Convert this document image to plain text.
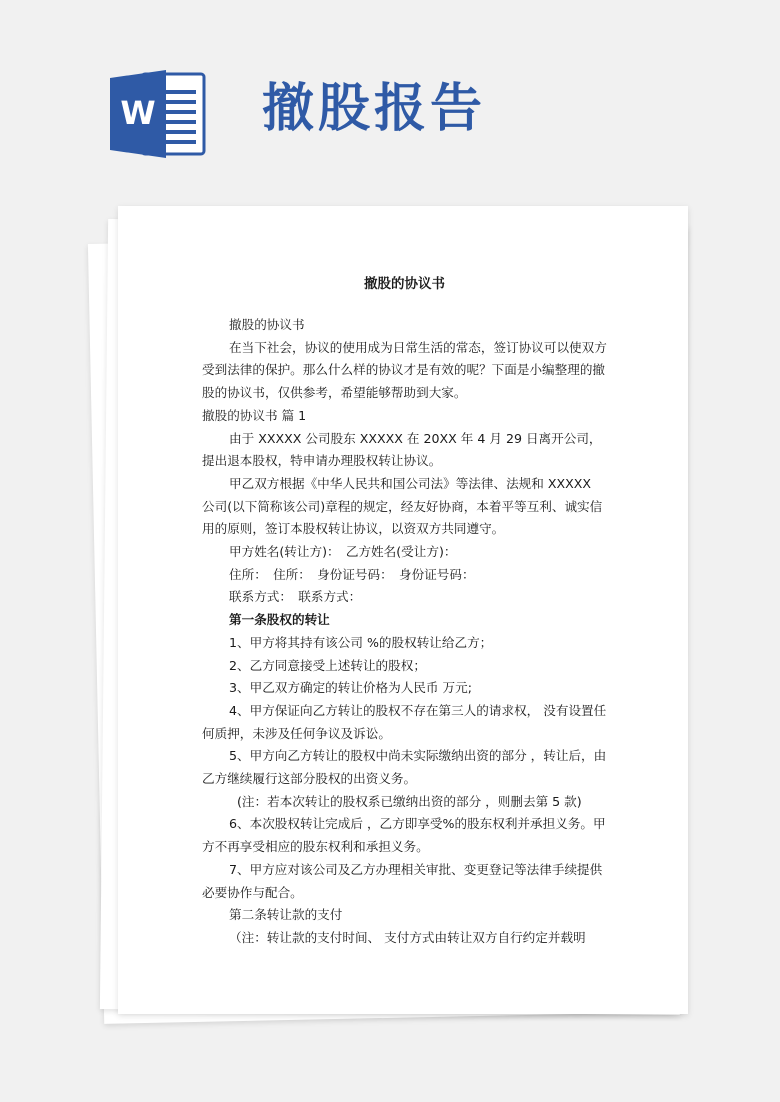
​
W 撤股报告
撤股的协议书

撤股的协议书

在当下社会，协议的使用成为日常生活的常态，签订协议可以使双方受到法律的保护。那么什么样的协议才是有效的呢？下面是小编整理的撤股的协议书，仅供参考，希望能够帮助到大家。

撤股的协议书 篇 1

由于 XXXXX 公司股东 XXXXX 在 20XX 年 4 月 29 日离开公司，提出退本股权，特申请办理股权转让协议。

甲乙双方根据《中华人民共和国公司法》等法律、法规和 XXXXX 公司(以下简称该公司)章程的规定，经友好协商，本着平等互利、诚实信用的原则，签订本股权转让协议，以资双方共同遵守。

甲方姓名(转让方)：　乙方姓名(受让方)：

住所：　住所：　身份证号码：　身份证号码：

联系方式：　联系方式：

第一条股权的转让

1、甲方将其持有该公司 %的股权转让给乙方；

2、乙方同意接受上述转让的股权；

3、甲乙双方确定的转让价格为人民币 万元;

4、甲方保证向乙方转让的股权不存在第三人的请求权， 没有设置任何质押，未涉及任何争议及诉讼。

5、甲方向乙方转让的股权中尚未实际缴纳出资的部分 ，转让后，由乙方继续履行这部分股权的出资义务。

(注：若本次转让的股权系已缴纳出资的部分 ，则删去第 5 款)

6、本次股权转让完成后 ，乙方即享受%的股东权利并承担义务。甲方不再享受相应的股东权利和承担义务。

7、甲方应对该公司及乙方办理相关审批、变更登记等法律手续提供必要协作与配合。

第二条转让款的支付

（注：转让款的支付时间、 支付方式由转让双方自行约定并载明
